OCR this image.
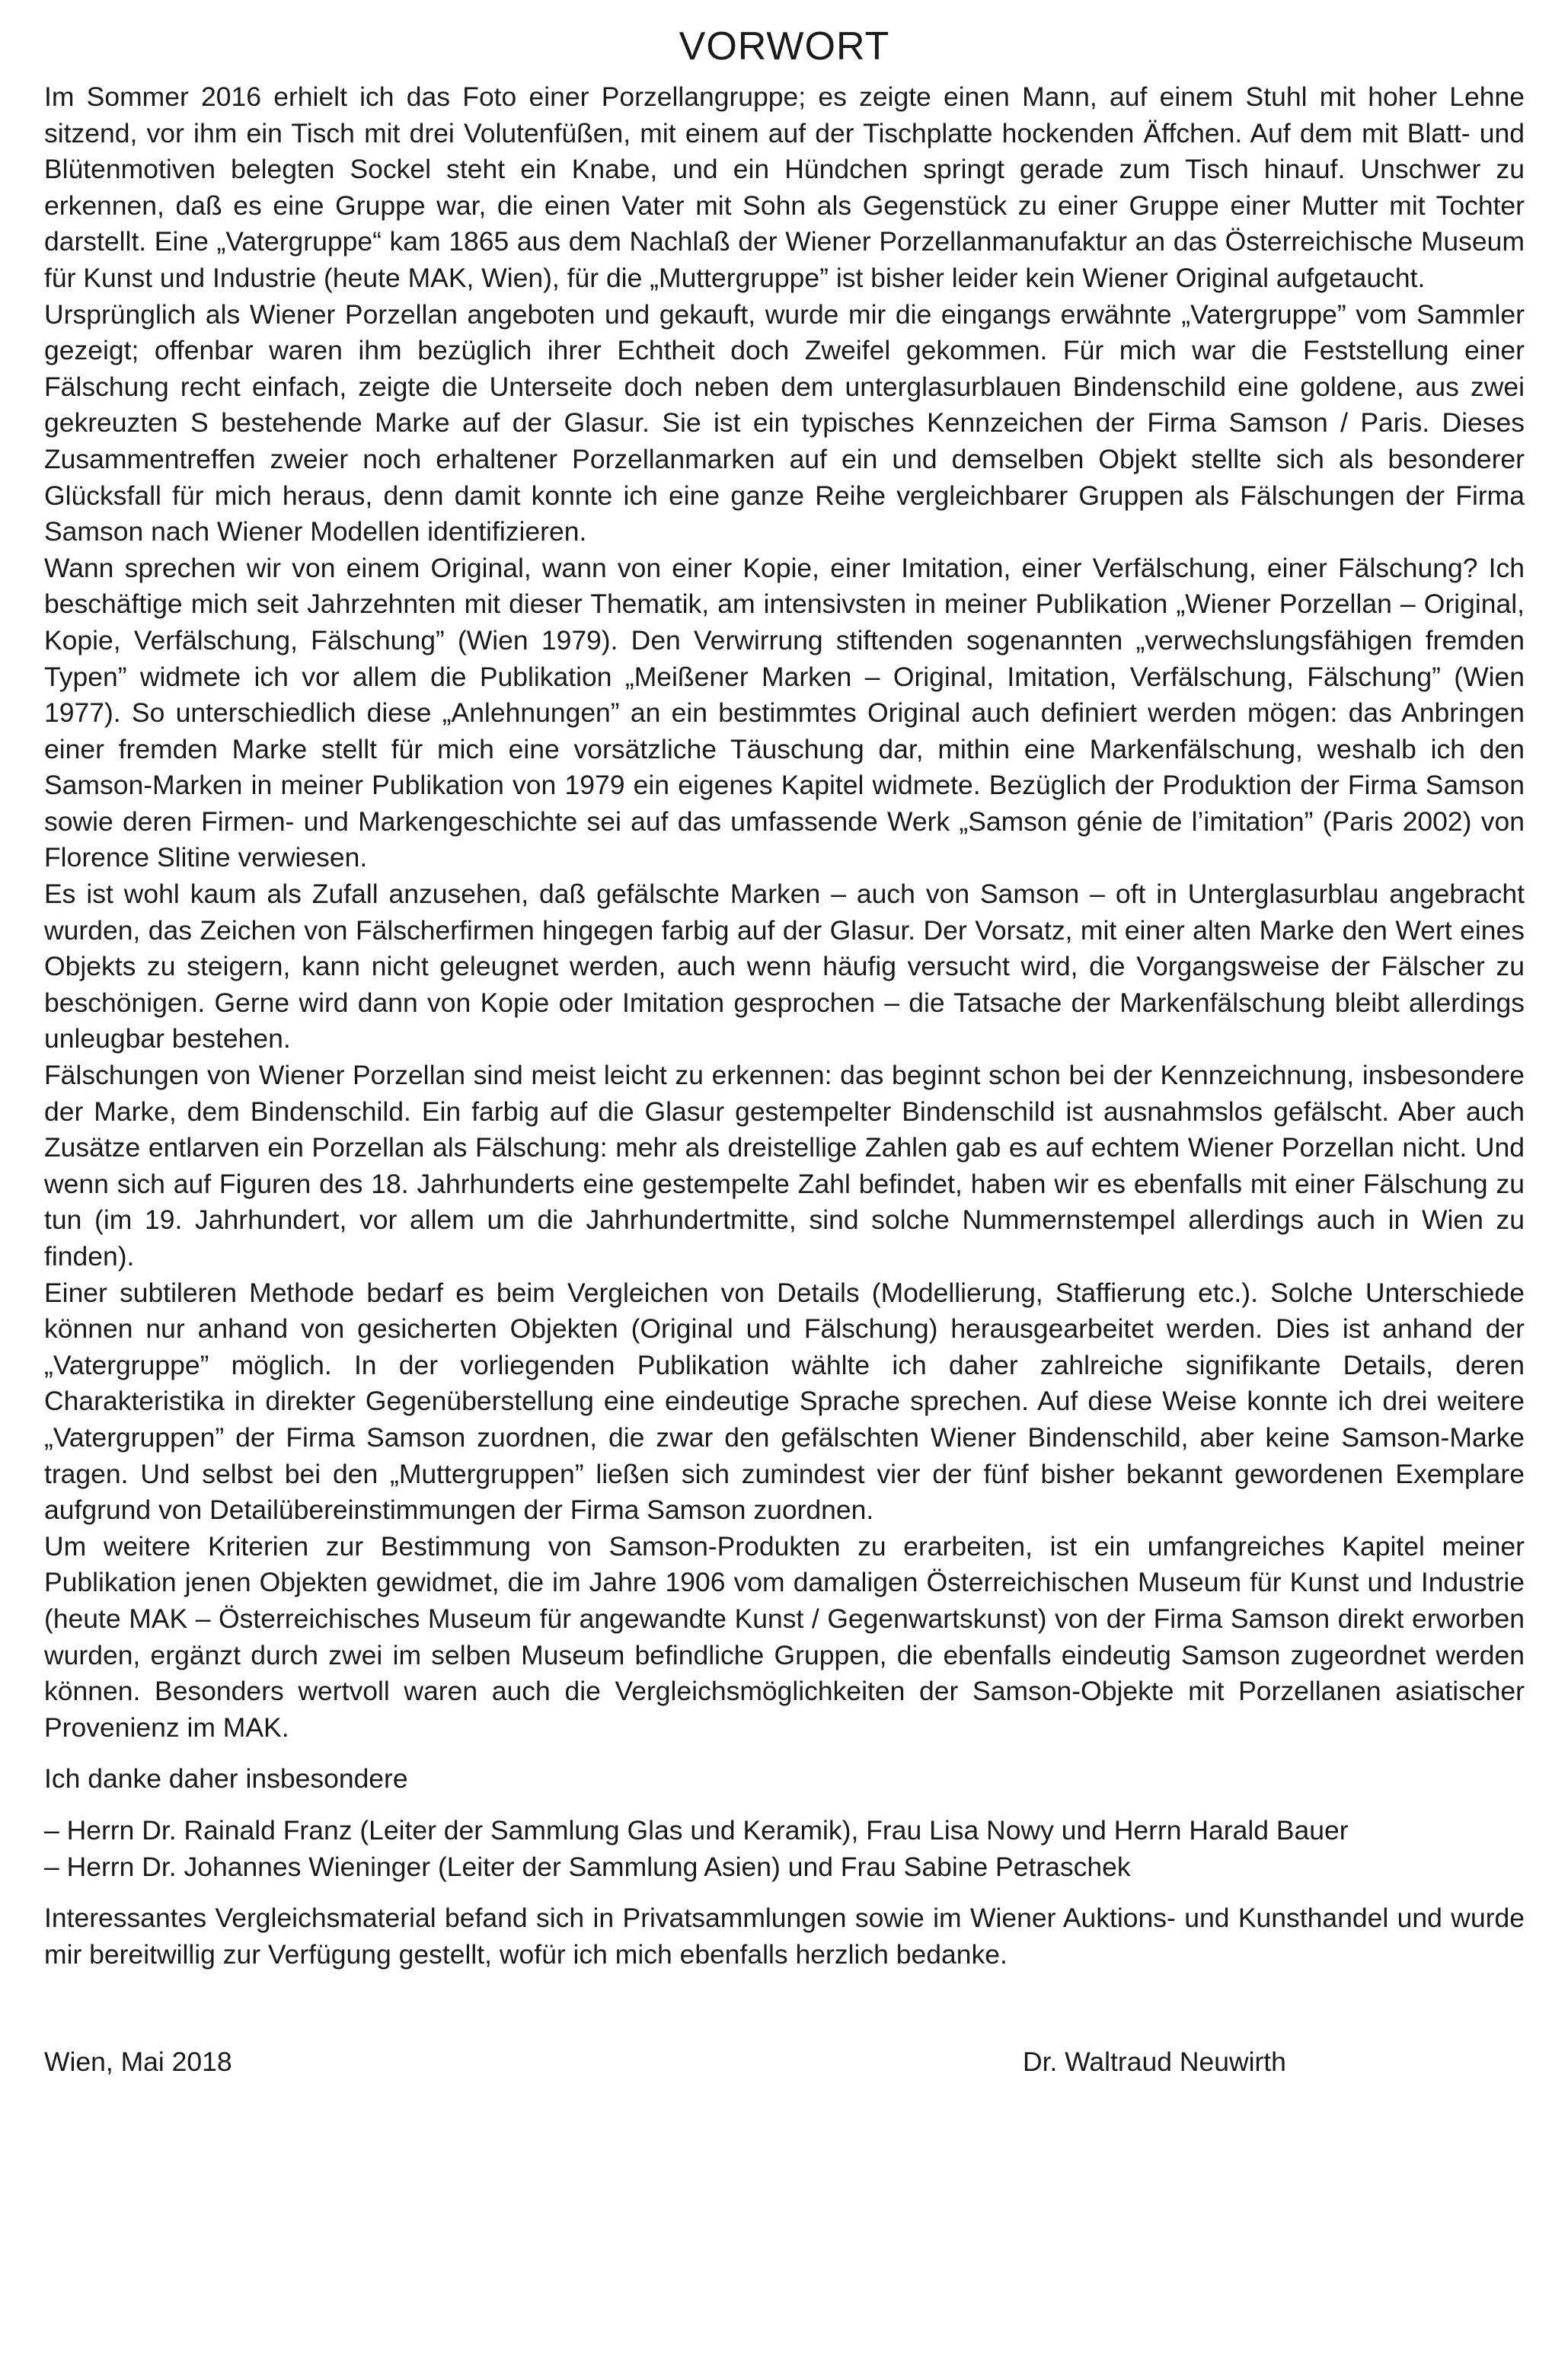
VORWORT

Im Sommer 2016 erhielt ich das Foto einer Porzellangruppe; es zeigte einen Mann, auf einem Stuhl mit hoher Lehne sitzend, vor ihm ein Tisch mit drei Volutenfüßen, mit einem auf der Tischplatte hockenden Äffchen. Auf dem mit Blatt- und Blütenmotiven belegten Sockel steht ein Knabe, und ein Hündchen springt gerade zum Tisch hinauf. Unschwer zu erkennen, daß es eine Gruppe war, die einen Vater mit Sohn als Gegenstück zu einer Gruppe einer Mutter mit Tochter darstellt. Eine „Vatergruppe“ kam 1865 aus dem Nachlaß der Wiener Porzellanmanufaktur an das Österreichische Museum für Kunst und Industrie (heute MAK, Wien), für die „Muttergruppe” ist bisher leider kein Wiener Original aufgetaucht.

Ursprünglich als Wiener Porzellan angeboten und gekauft, wurde mir die eingangs erwähnte „Vatergruppe” vom Sammler gezeigt; offenbar waren ihm bezüglich ihrer Echtheit doch Zweifel gekommen. Für mich war die Feststellung einer Fälschung recht einfach, zeigte die Unterseite doch neben dem unterglasurblauen Bindenschild eine goldene, aus zwei gekreuzten S bestehende Marke auf der Glasur. Sie ist ein typisches Kennzeichen der Firma Samson / Paris. Dieses Zusammentreffen zweier noch erhaltener Porzellanmarken auf ein und demselben Objekt stellte sich als besonderer Glücksfall für mich heraus, denn damit konnte ich eine ganze Reihe vergleichbarer Gruppen als Fälschungen der Firma Samson nach Wiener Modellen identifizieren.

Wann sprechen wir von einem Original, wann von einer Kopie, einer Imitation, einer Verfälschung, einer Fälschung? Ich beschäftige mich seit Jahrzehnten mit dieser Thematik, am intensivsten in meiner Publikation „Wiener Porzellan – Original, Kopie, Verfälschung, Fälschung” (Wien 1979). Den Verwirrung stiftenden sogenannten „verwechslungsfähigen fremden Typen” widmete ich vor allem die Publikation „Meißener Marken – Original, Imitation, Verfälschung, Fälschung” (Wien 1977). So unterschiedlich diese „Anlehnungen” an ein bestimmtes Original auch definiert werden mögen: das Anbringen einer fremden Marke stellt für mich eine vorsätzliche Täuschung dar, mithin eine Markenfälschung, weshalb ich den Samson-Marken in meiner Publikation von 1979 ein eigenes Kapitel widmete. Bezüglich der Produktion der Firma Samson sowie deren Firmen- und Markengeschichte sei auf das umfassende Werk „Samson génie de l’imitation” (Paris 2002) von Florence Slitine verwiesen.

Es ist wohl kaum als Zufall anzusehen, daß gefälschte Marken – auch von Samson – oft in Unterglasurblau angebracht wurden, das Zeichen von Fälscherfirmen hingegen farbig auf der Glasur. Der Vorsatz, mit einer alten Marke den Wert eines Objekts zu steigern, kann nicht geleugnet werden, auch wenn häufig versucht wird, die Vorgangsweise der Fälscher zu beschönigen. Gerne wird dann von Kopie oder Imitation gesprochen – die Tatsache der Markenfälschung bleibt allerdings unleugbar bestehen.

Fälschungen von Wiener Porzellan sind meist leicht zu erkennen: das beginnt schon bei der Kennzeichnung, insbesondere der Marke, dem Bindenschild. Ein farbig auf die Glasur gestempelter Bindenschild ist ausnahmslos gefälscht. Aber auch Zusätze entlarven ein Porzellan als Fälschung: mehr als dreistellige Zahlen gab es auf echtem Wiener Porzellan nicht. Und wenn sich auf Figuren des 18. Jahrhunderts eine gestempelte Zahl befindet, haben wir es ebenfalls mit einer Fälschung zu tun (im 19. Jahrhundert, vor allem um die Jahrhundertmitte, sind solche Nummernstempel allerdings auch in Wien zu finden).

Einer subtileren Methode bedarf es beim Vergleichen von Details (Modellierung, Staffierung etc.). Solche Unterschiede können nur anhand von gesicherten Objekten (Original und Fälschung) herausgearbeitet werden. Dies ist anhand der „Vatergruppe” möglich. In der vorliegenden Publikation wählte ich daher zahlreiche signifikante Details, deren Charakteristika in direkter Gegenüberstellung eine eindeutige Sprache sprechen. Auf diese Weise konnte ich drei weitere „Vatergruppen” der Firma Samson zuordnen, die zwar den gefälschten Wiener Bindenschild, aber keine Samson-Marke tragen. Und selbst bei den „Muttergruppen” ließen sich zumindest vier der fünf bisher bekannt gewordenen Exemplare aufgrund von Detailübereinstimmungen der Firma Samson zuordnen.

Um weitere Kriterien zur Bestimmung von Samson-Produkten zu erarbeiten, ist ein umfangreiches Kapitel meiner Publikation jenen Objekten gewidmet, die im Jahre 1906 vom damaligen Österreichischen Museum für Kunst und Industrie (heute MAK – Österreichisches Museum für angewandte Kunst / Gegenwartskunst) von der Firma Samson direkt erworben wurden, ergänzt durch zwei im selben Museum befindliche Gruppen, die ebenfalls eindeutig Samson zugeordnet werden können. Besonders wertvoll waren auch die Vergleichsmöglichkeiten der Samson-Objekte mit Porzellanen asiatischer Provenienz im MAK.

Ich danke daher insbesondere

– Herrn Dr. Rainald Franz (Leiter der Sammlung Glas und Keramik), Frau Lisa Nowy und Herrn Harald Bauer
– Herrn Dr. Johannes Wieninger (Leiter der Sammlung Asien) und Frau Sabine Petraschek

Interessantes Vergleichsmaterial befand sich in Privatsammlungen sowie im Wiener Auktions- und Kunsthandel und wurde mir bereitwillig zur Verfügung gestellt, wofür ich mich ebenfalls herzlich bedanke.

Wien, Mai 2018	Dr. Waltraud Neuwirth
